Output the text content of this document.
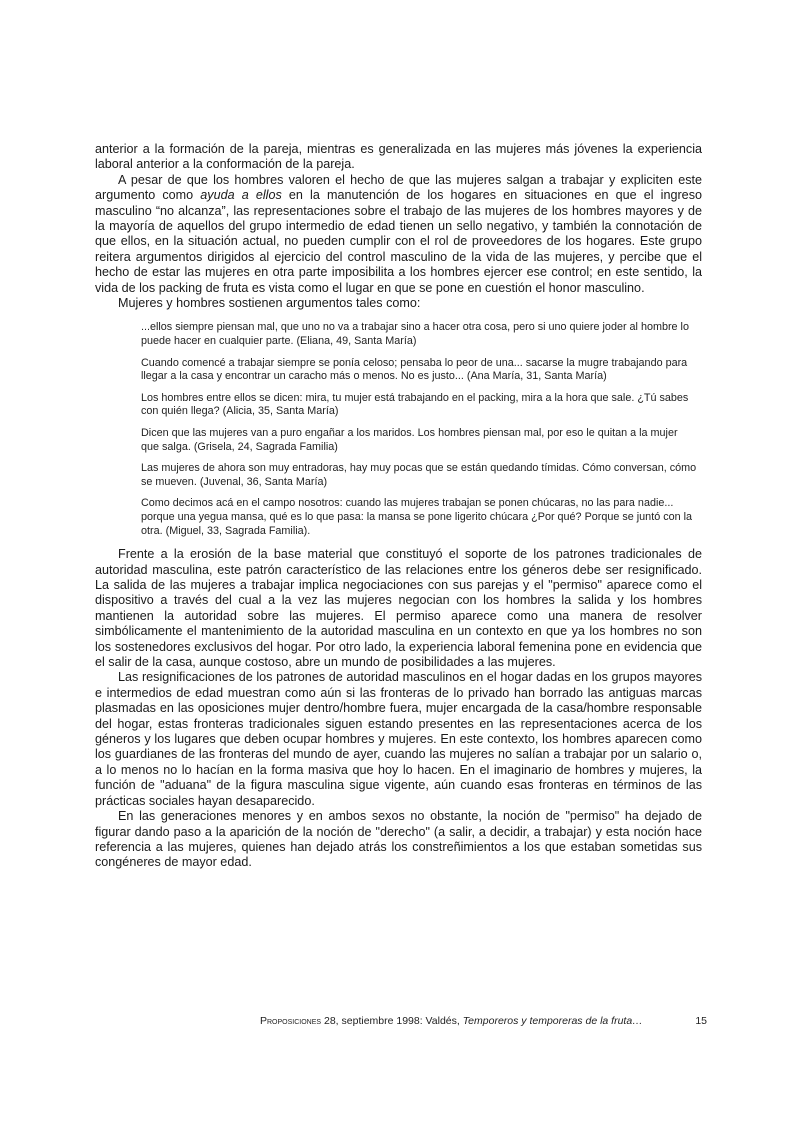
anterior a la formación de la pareja, mientras es generalizada en las mujeres más jóvenes la experiencia laboral anterior a la conformación de la pareja.

A pesar de que los hombres valoren el hecho de que las mujeres salgan a trabajar y expliciten este argumento como ayuda a ellos en la manutención de los hogares en situaciones en que el ingreso masculino “no alcanza”, las representaciones sobre el trabajo de las mujeres de los hombres mayores y de la mayoría de aquellos del grupo intermedio de edad tienen un sello negativo, y también la connotación de que ellos, en la situación actual, no pueden cumplir con el rol de proveedores de los hogares. Este grupo reitera argumentos dirigidos al ejercicio del control masculino de la vida de las mujeres, y percibe que el hecho de estar las mujeres en otra parte imposibilita a los hombres ejercer ese control; en este sentido, la vida de los packing de fruta es vista como el lugar en que se pone en cuestión el honor masculino.

Mujeres y hombres sostienen argumentos tales como:

...ellos siempre piensan mal, que uno no va a trabajar sino a hacer otra cosa, pero si uno quiere joder al hombre lo puede hacer en cualquier parte. (Eliana, 49, Santa María)

Cuando comencé a trabajar siempre se ponía celoso; pensaba lo peor de una... sacarse la mugre trabajando para llegar a la casa y encontrar un caracho más o menos. No es justo... (Ana María, 31, Santa María)

Los hombres entre ellos se dicen: mira, tu mujer está trabajando en el packing, mira a la hora que sale. ¿Tú sabes con quién llega? (Alicia, 35, Santa María)

Dicen que las mujeres van a puro engañar a los maridos. Los hombres piensan mal, por eso le quitan a la mujer que salga. (Grisela, 24, Sagrada Familia)

Las mujeres de ahora son muy entradoras, hay muy pocas que se están quedando tímidas. Cómo conversan, cómo se mueven. (Juvenal, 36, Santa María)

Como decimos acá en el campo nosotros: cuando las mujeres trabajan se ponen chúcaras, no las para nadie... porque una yegua mansa, qué es lo que pasa: la mansa se pone ligerito chúcara ¿Por qué? Porque se juntó con la otra. (Miguel, 33, Sagrada Familia).

Frente a la erosión de la base material que constituyó el soporte de los patrones tradicionales de autoridad masculina, este patrón característico de las relaciones entre los géneros debe ser resignificado. La salida de las mujeres a trabajar implica negociaciones con sus parejas y el "permiso" aparece como el dispositivo a través del cual a la vez las mujeres negocian con los hombres la salida y los hombres mantienen la autoridad sobre las mujeres. El permiso aparece como una manera de resolver simbólicamente el mantenimiento de la autoridad masculina en un contexto en que ya los hombres no son los sostenedores exclusivos del hogar. Por otro lado, la experiencia laboral femenina pone en evidencia que el salir de la casa, aunque costoso, abre un mundo de posibilidades a las mujeres.

Las resignificaciones de los patrones de autoridad masculinos en el hogar dadas en los grupos mayores e intermedios de edad muestran como aún si las fronteras de lo privado han borrado las antiguas marcas plasmadas en las oposiciones mujer dentro/hombre fuera, mujer encargada de la casa/hombre responsable del hogar, estas fronteras tradicionales siguen estando presentes en las representaciones acerca de los géneros y los lugares que deben ocupar hombres y mujeres. En este contexto, los hombres aparecen como los guardianes de las fronteras del mundo de ayer, cuando las mujeres no salían a trabajar por un salario o, a lo menos no lo hacían en la forma masiva que hoy lo hacen. En el imaginario de hombres y mujeres, la función de "aduana" de la figura masculina sigue vigente, aún cuando esas fronteras en términos de las prácticas sociales hayan desaparecido.

En las generaciones menores y en ambos sexos no obstante, la noción de "permiso" ha dejado de figurar dando paso a la aparición de la noción de "derecho" (a salir, a decidir, a trabajar) y esta noción hace referencia a las mujeres, quienes han dejado atrás los constreñimientos a los que estaban sometidas sus congéneres de mayor edad.

Proposiciones 28, septiembre 1998: Valdés, Temporeros y temporeras de la fruta…	15
